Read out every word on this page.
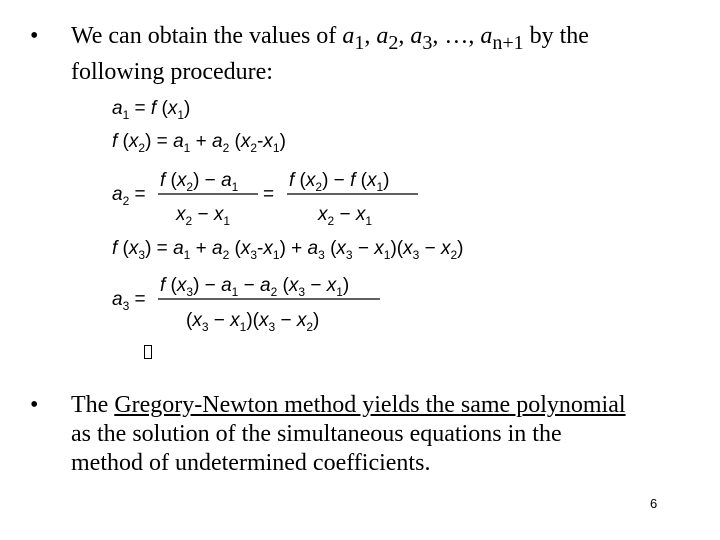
•	We can obtain the values of $a_1$, $a_2$, $a_3$, …, $a_{n+1}$ by the following procedure:
$a_1 = f$ $(x_1)$
f $(x_2) = a_1 + a_2$ $(x_2-x_1)$
$a_2$ =
f $(x_2) - a_1$
$x_2 - x_1$
=
f $(x_2) - f$ $(x_1)$
$x_2 - x_1$
f $(x_3) = a_1 + a_2$ $(x_3-x_1) + a_3$ $(x_3 - x_1)(x_3 - x_2)$
$a_3$ =
f $(x_3) - a_1 - a_2$ $(x_3 - x_1)$
$(x_3 - x_1)(x_3 - x_2)$
•	The Gregory-Newton method yields the same polynomial as the solution of the simultaneous equations in the method of undetermined coefficients.
6
